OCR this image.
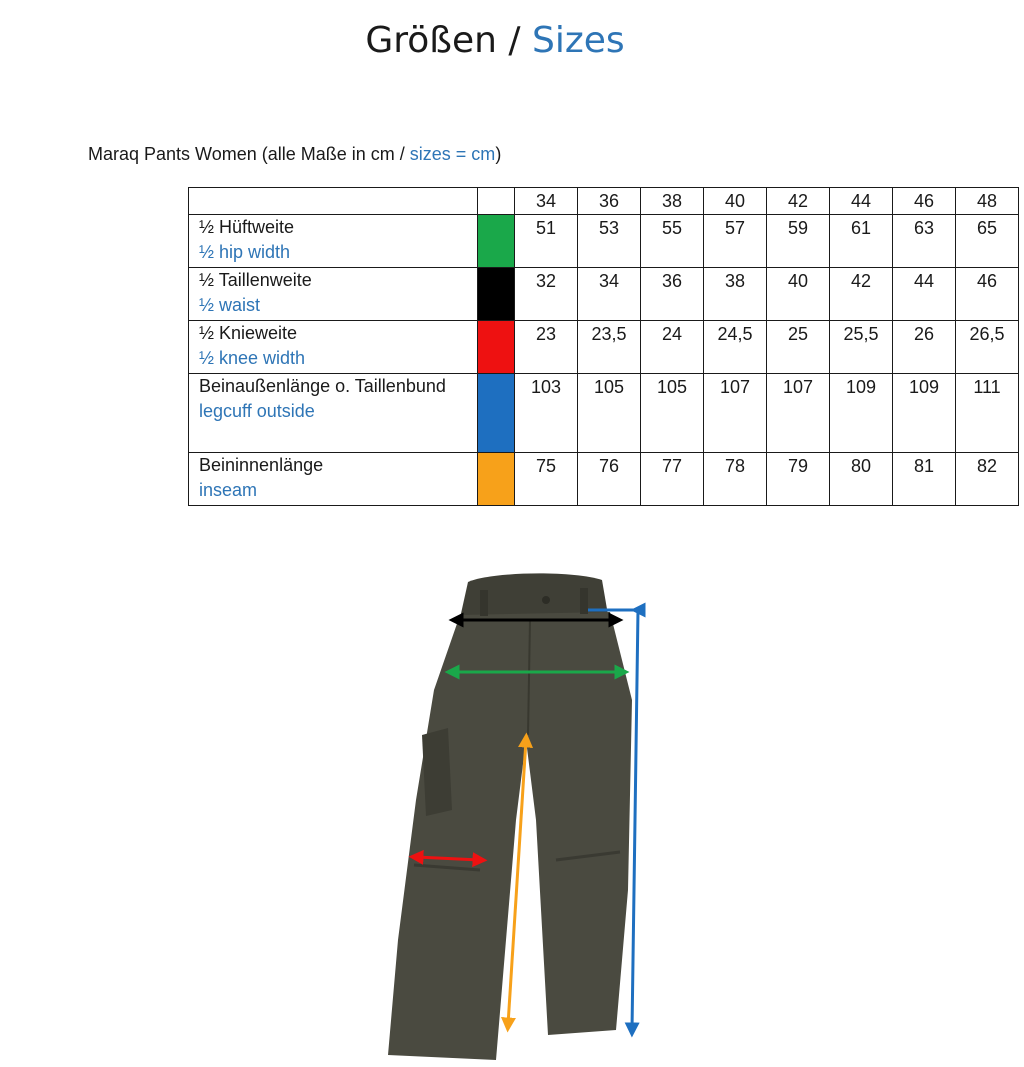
Größen / Sizes
Maraq Pants Women (alle Maße in cm / sizes = cm)
		34	36	38	40	42	44	46	48

½ Hüftweite
½ hip width		51	53	55	57	59	61	63	65

½ Taillenweite
½ waist		32	34	36	38	40	42	44	46

½ Knieweite
½ knee width		23	23,5	24	24,5	25	25,5	26	26,5

Beinaußenlänge o. Taillenbund
legcuff outside		103	105	105	107	107	109	109	111

Beininnenlänge
inseam		75	76	77	78	79	80	81	82
